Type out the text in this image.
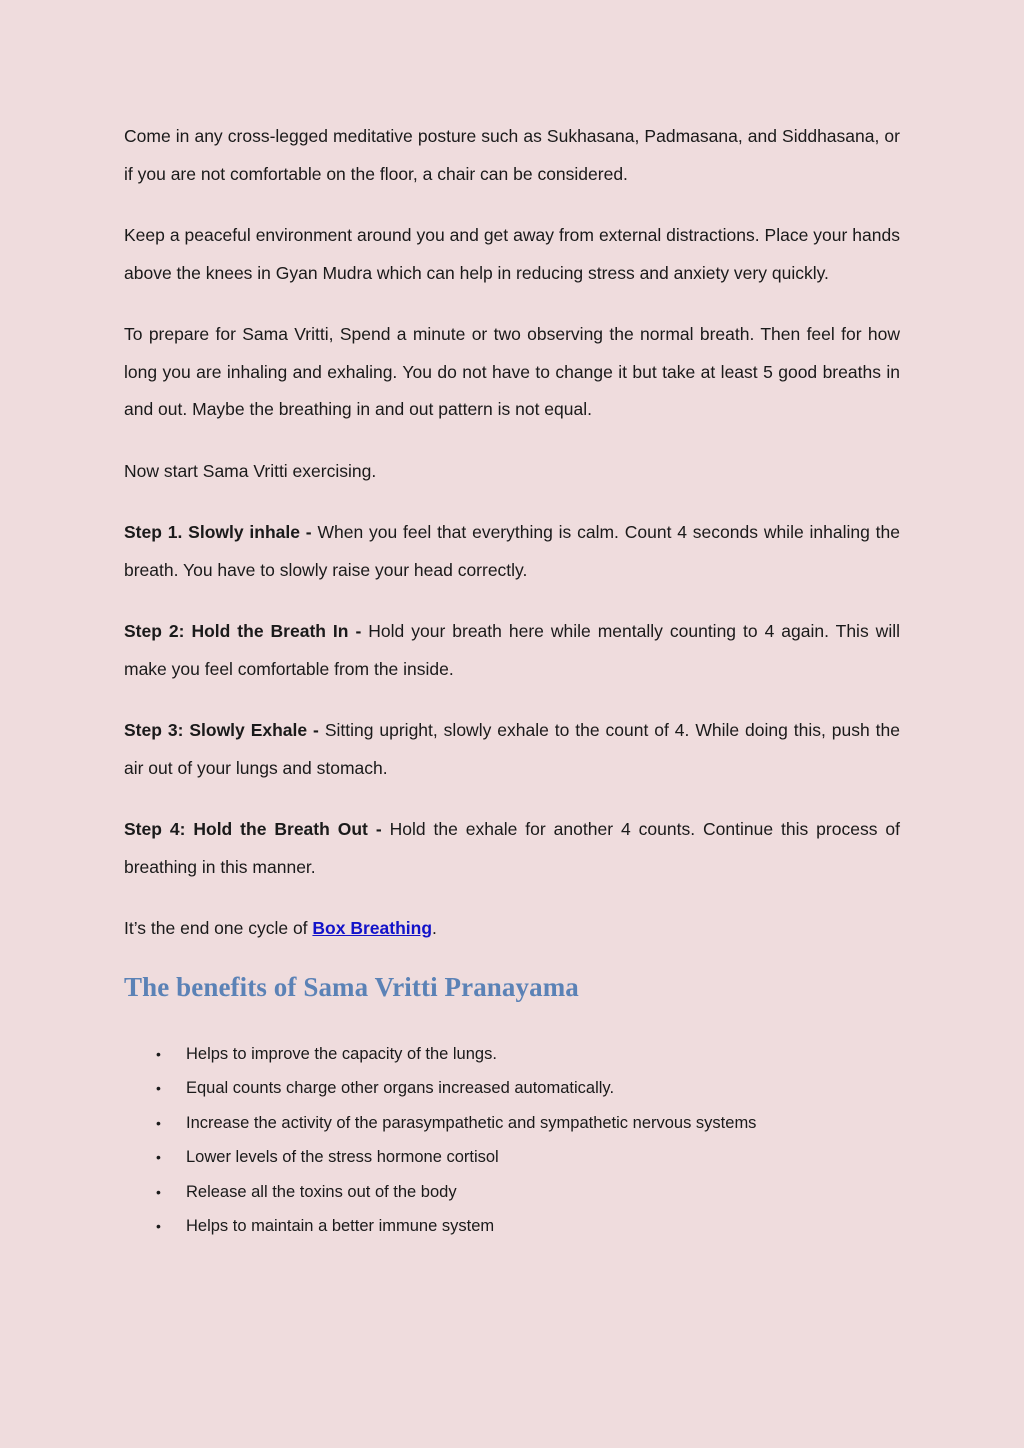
Come in any cross-legged meditative posture such as Sukhasana, Padmasana, and Siddhasana, or if you are not comfortable on the floor, a chair can be considered.

Keep a peaceful environment around you and get away from external distractions. Place your hands above the knees in Gyan Mudra which can help in reducing stress and anxiety very quickly.

To prepare for Sama Vritti, Spend a minute or two observing the normal breath. Then feel for how long you are inhaling and exhaling. You do not have to change it but take at least 5 good breaths in and out. Maybe the breathing in and out pattern is not equal.

Now start Sama Vritti exercising.

Step 1. Slowly inhale - When you feel that everything is calm. Count 4 seconds while inhaling the breath. You have to slowly raise your head correctly.

Step 2: Hold the Breath In - Hold your breath here while mentally counting to 4 again. This will make you feel comfortable from the inside.

Step 3: Slowly Exhale - Sitting upright, slowly exhale to the count of 4. While doing this, push the air out of your lungs and stomach.

Step 4: Hold the Breath Out - Hold the exhale for another 4 counts. Continue this process of breathing in this manner.

It’s the end one cycle of Box Breathing.

The benefits of Sama Vritti Pranayama
• Helps to improve the capacity of the lungs.
• Equal counts charge other organs increased automatically.
• Increase the activity of the parasympathetic and sympathetic nervous systems
• Lower levels of the stress hormone cortisol
• Release all the toxins out of the body
• Helps to maintain a better immune system
